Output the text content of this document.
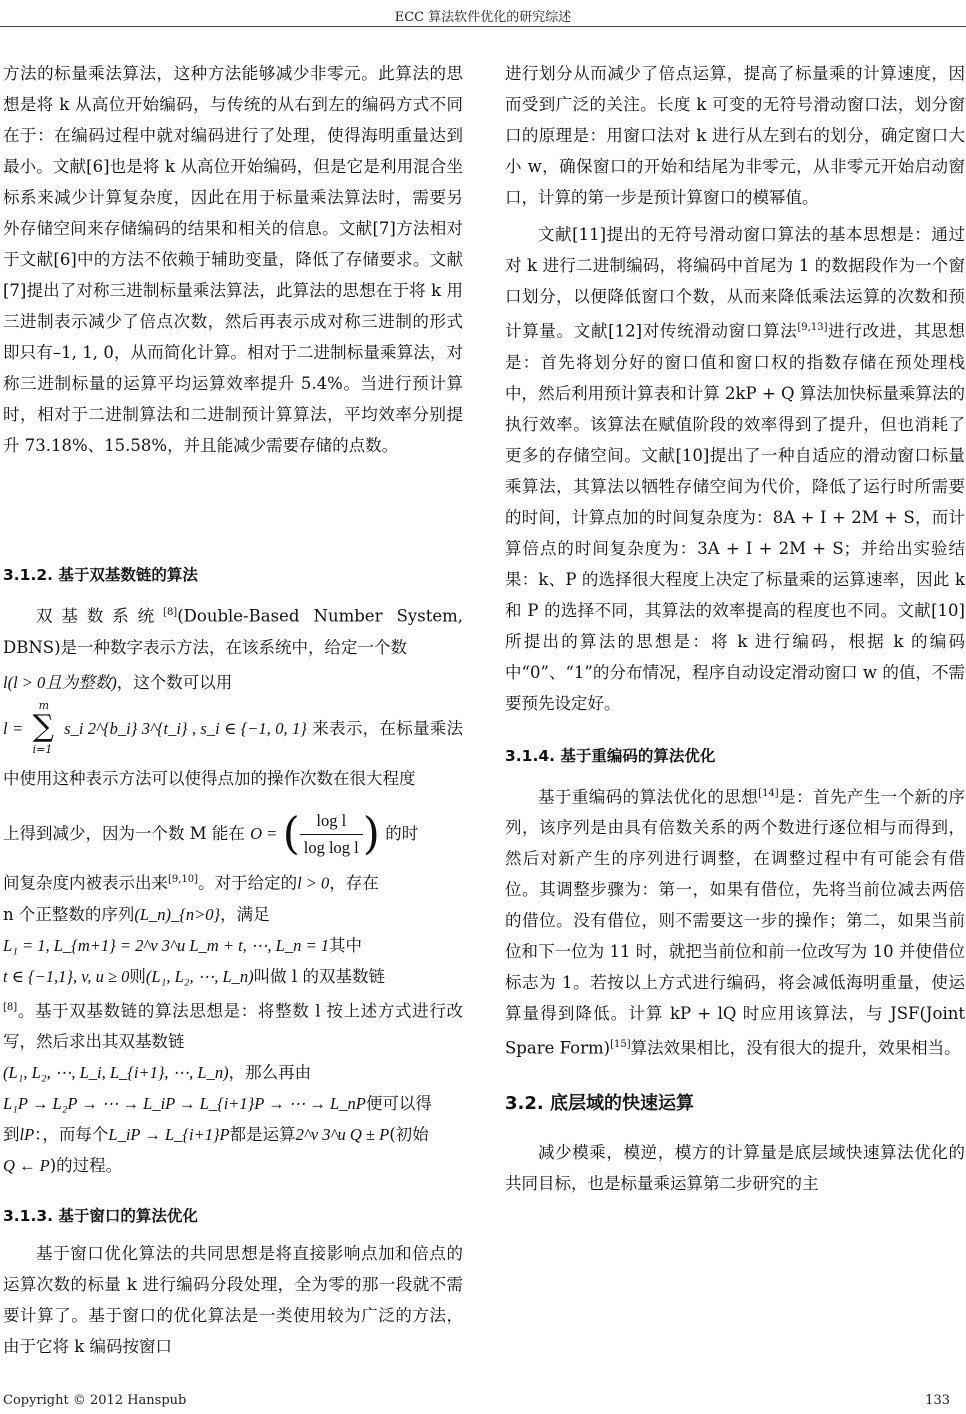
ECC 算法软件优化的研究综述

方法的标量乘法算法，这种方法能够减少非零元。此算法的思想是将 k 从高位开始编码，与传统的从右到左的编码方式不同在于：在编码过程中就对编码进行了处理，使得海明重量达到最小。文献[6]也是将 k 从高位开始编码，但是它是利用混合坐标系来减少计算复杂度，因此在用于标量乘法算法时，需要另外存储空间来存储编码的结果和相关的信息。文献[7]方法相对于文献[6]中的方法不依赖于辅助变量，降低了存储要求。文献[7]提出了对称三进制标量乘法算法，此算法的思想在于将 k 用三进制表示减少了倍点次数，然后再表示成对称三进制的形式即只有–1, 1, 0，从而简化计算。相对于二进制标量乘算法，对称三进制标量的运算平均运算效率提升 5.4%。当进行预计算时，相对于二进制算法和二进制预计算算法，平均效率分别提升 73.18%、15.58%，并且能减少需要存储的点数。

3.1.2. 基于双基数链的算法

双基数系统[8](Double-Based Number System, DBNS)是一种数字表示方法，在该系统中，给定一个数

l(l > 0且为整数)，这个数可以用

l =
m
∑
i=1
s_i 2^{b_i} 3^{t_i} , s_i ∈ {−1, 0, 1} 来表示，在标量乘法中使用这种表示方法可以使得点加的操作次数在很大程度

上得到减少，因为一个数 M 能在 O = ( $\frac{\text{log l}}{\text{log log l}}$ ) 的时

间复杂度内被表示出来[9,10]。对于给定的l > 0，存在
n 个正整数的序列(L_n)_{n>0}，满足
L₁ = 1, L_{m+1} = 2^v 3^u L_m + t, ⋯, L_n = 1其中
t ∈ {−1,1}, v, u ≥ 0则(L₁, L₂, ⋯, L_n)叫做 l 的双基数链
[8]。基于双基数链的算法思想是：将整数 l 按上述方式进行改写，然后求出其双基数链
(L₁, L₂, ⋯, L_i, L_{i+1}, ⋯, L_n)，那么再由
L₁P → L₂P → ⋯ → L_iP → L_{i+1}P → ⋯ → L_nP便可以得
到lP：，而每个L_iP → L_{i+1}P都是运算2^v 3^u Q ± P(初始
Q ← P)的过程。

3.1.3. 基于窗口的算法优化

基于窗口优化算法的共同思想是将直接影响点加和倍点的运算次数的标量 k 进行编码分段处理，全为零的那一段就不需要计算了。基于窗口的优化算法是一类使用较为广泛的方法，由于它将 k 编码按窗口

进行划分从而减少了倍点运算，提高了标量乘的计算速度，因而受到广泛的关注。长度 k 可变的无符号滑动窗口法，划分窗口的原理是：用窗口法对 k 进行从左到右的划分，确定窗口大小 w，确保窗口的开始和结尾为非零元，从非零元开始启动窗口，计算的第一步是预计算窗口的模幂值。

文献[11]提出的无符号滑动窗口算法的基本思想是：通过对 k 进行二进制编码，将编码中首尾为 1 的数据段作为一个窗口划分，以便降低窗口个数，从而来降低乘法运算的次数和预计算量。文献[12]对传统滑动窗口算法[9,13]进行改进，其思想是：首先将划分好的窗口值和窗口权的指数存储在预处理栈中，然后利用预计算表和计算 2kP + Q 算法加快标量乘算法的执行效率。该算法在赋值阶段的效率得到了提升，但也消耗了更多的存储空间。文献[10]提出了一种自适应的滑动窗口标量乘算法，其算法以牺牲存储空间为代价，降低了运行时所需要的时间，计算点加的时间复杂度为：8A + I + 2M + S，而计算倍点的时间复杂度为：3A + I + 2M + S；并给出实验结果：k、P 的选择很大程度上决定了标量乘的运算速率，因此 k 和 P 的选择不同，其算法的效率提高的程度也不同。文献[10]所提出的算法的思想是：将 k 进行编码，根据 k 的编码中“0”、“1”的分布情况，程序自动设定滑动窗口 w 的值，不需要预先设定好。

3.1.4. 基于重编码的算法优化

基于重编码的算法优化的思想[14]是：首先产生一个新的序列，该序列是由具有倍数关系的两个数进行逐位相与而得到，然后对新产生的序列进行调整，在调整过程中有可能会有借位。其调整步骤为：第一，如果有借位，先将当前位减去两倍的借位。没有借位，则不需要这一步的操作；第二，如果当前位和下一位为 11 时，就把当前位和前一位改写为 10 并使借位标志为 1。若按以上方式进行编码，将会减低海明重量，使运算量得到降低。计算 kP + lQ 时应用该算法，与 JSF(Joint Spare Form)[15]算法效果相比，没有很大的提升，效果相当。

3.2. 底层域的快速运算

减少模乘，模逆，模方的计算量是底层域快速算法优化的共同目标，也是标量乘运算第二步研究的主

Copyright © 2012 Hanspub	133
